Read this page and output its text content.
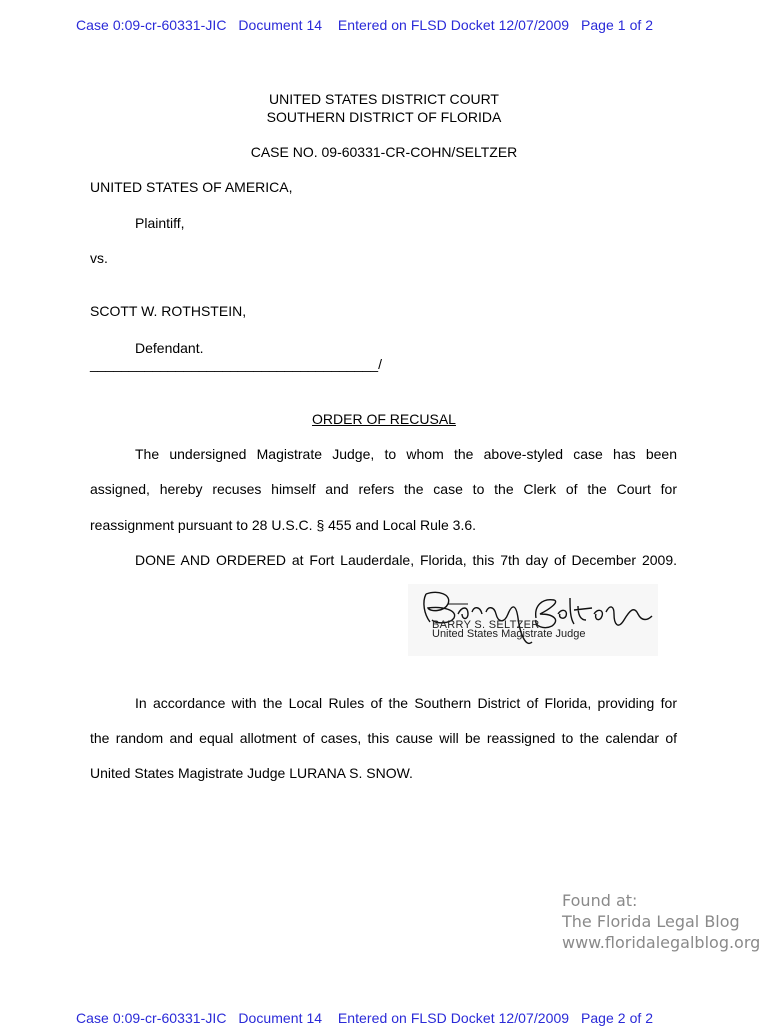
Case 0:09-cr-60331-JIC   Document 14    Entered on FLSD Docket 12/07/2009   Page 1 of 2
UNITED STATES DISTRICT COURT
SOUTHERN DISTRICT OF FLORIDA
CASE NO. 09-60331-CR-COHN/SELTZER
UNITED STATES OF AMERICA,
Plaintiff,
vs.
SCOTT W. ROTHSTEIN,
Defendant.
_____________________________________/
ORDER OF RECUSAL
The undersigned Magistrate Judge, to whom the above-styled case has been
assigned, hereby recuses himself and refers the case to the Clerk of the Court for
reassignment pursuant to 28 U.S.C. § 455 and Local Rule 3.6.
DONE AND ORDERED at Fort Lauderdale, Florida, this 7th day of December 2009.
BARRY S. SELTZER
United States Magistrate Judge
In accordance with the Local Rules of the Southern District of Florida, providing for
the random and equal allotment of cases, this cause will be reassigned to the calendar of
United States Magistrate Judge LURANA S. SNOW.
Found at:
The Florida Legal Blog
www.floridalegalblog.org
Case 0:09-cr-60331-JIC   Document 14    Entered on FLSD Docket 12/07/2009   Page 2 of 2
